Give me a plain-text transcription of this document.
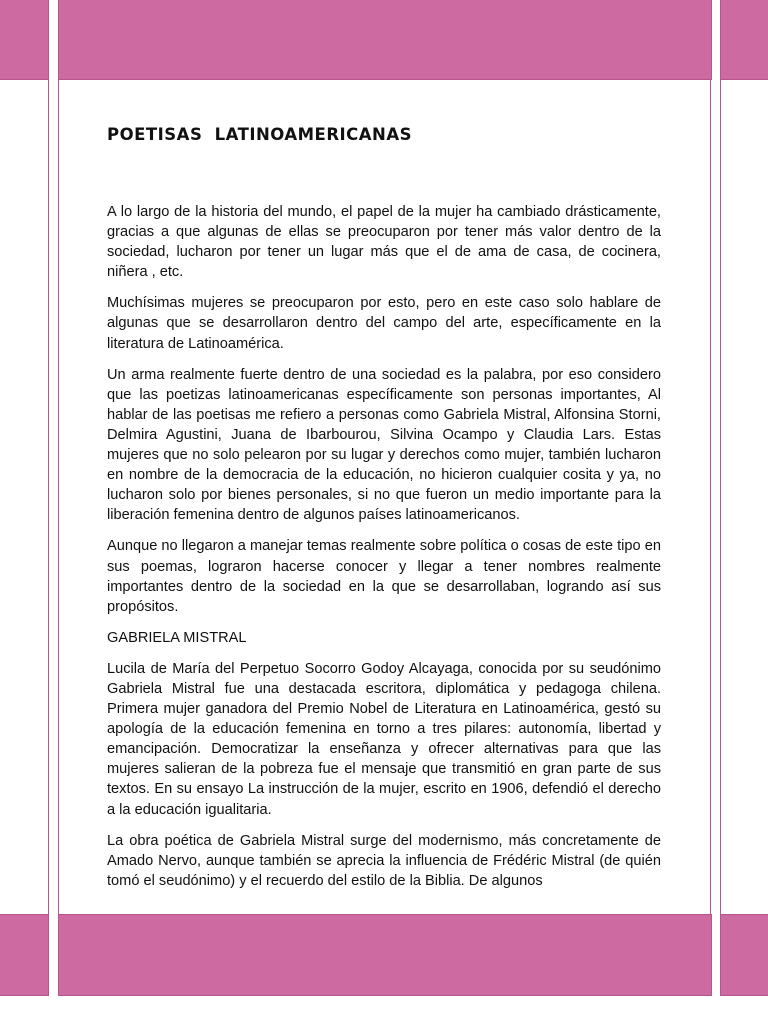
POETISAS LATINOAMERICANAS

A lo largo de la historia del mundo, el papel de la mujer ha cambiado drásticamente, gracias a que algunas de ellas se preocuparon por tener más valor dentro de la sociedad, lucharon por tener un lugar más que el de ama de casa, de cocinera, niñera , etc.

Muchísimas mujeres se preocuparon por esto, pero en este caso solo hablare de algunas que se desarrollaron dentro del campo del arte, específicamente en la literatura de Latinoamérica.

Un arma realmente fuerte dentro de una sociedad es la palabra, por eso considero que las poetizas latinoamericanas específicamente son personas importantes, Al hablar de las poetisas me refiero a personas como Gabriela Mistral, Alfonsina Storni, Delmira Agustini, Juana de Ibarbourou, Silvina Ocampo y Claudia Lars. Estas mujeres que no solo pelearon por su lugar y derechos como mujer, también lucharon en nombre de la democracia de la educación, no hicieron cualquier cosita y ya, no lucharon solo por bienes personales, si no que fueron un medio importante para la liberación femenina dentro de algunos países latinoamericanos.

Aunque no llegaron a manejar temas realmente sobre política o cosas de este tipo en sus poemas, lograron hacerse conocer y llegar a tener nombres realmente importantes dentro de la sociedad en la que se desarrollaban, logrando así sus propósitos.

GABRIELA MISTRAL

Lucila de María del Perpetuo Socorro Godoy Alcayaga, conocida por su seudónimo Gabriela Mistral fue una destacada escritora, diplomática y pedagoga chilena. Primera mujer ganadora del Premio Nobel de Literatura en Latinoamérica, gestó su apología de la educación femenina en torno a tres pilares: autonomía, libertad y emancipación. Democratizar la enseñanza y ofrecer alternativas para que las mujeres salieran de la pobreza fue el mensaje que transmitió en gran parte de sus textos. En su ensayo La instrucción de la mujer, escrito en 1906, defendió el derecho a la educación igualitaria.

La obra poética de Gabriela Mistral surge del modernismo, más concretamente de Amado Nervo, aunque también se aprecia la influencia de Frédéric Mistral (de quién tomó el seudónimo) y el recuerdo del estilo de la Biblia. De algunos
